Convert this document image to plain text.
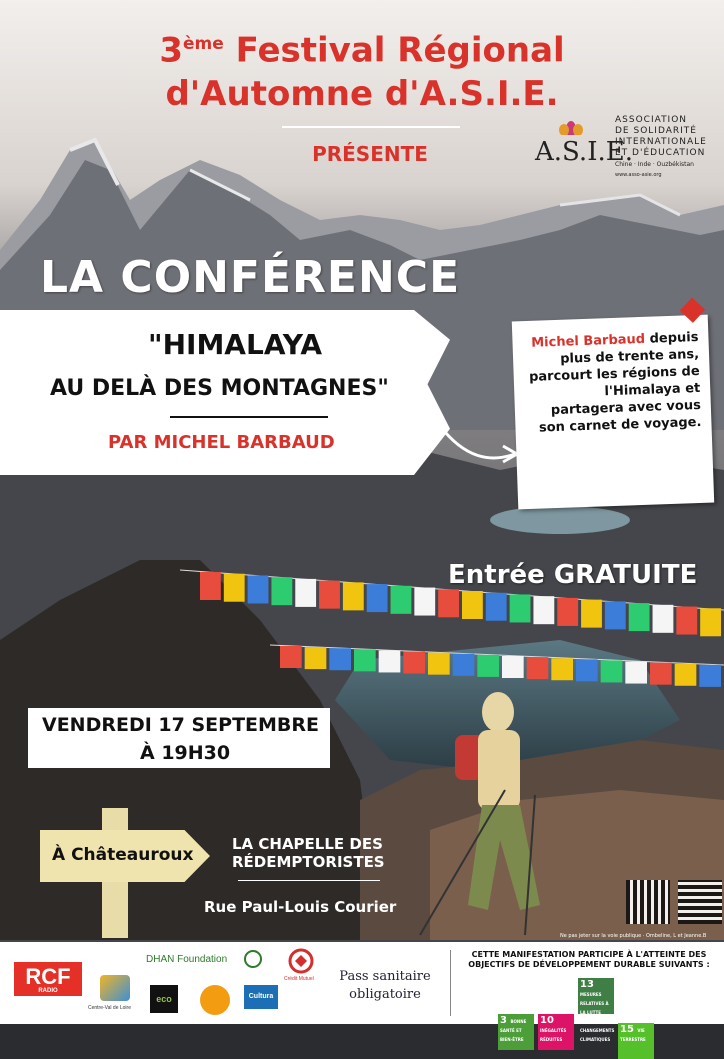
3ème Festival Régional
d'Automne d'A.S.I.E.
PRÉSENTE	A.S.I.E.
ASSOCIATION
DE SOLIDARITÉ
INTERNATIONALE
ET D'ÉDUCATION
Chine · Inde · Ouzbékistan
www.asso-asie.org
LA CONFÉRENCE
"HIMALAYA
AU DELÀ DES MONTAGNES"
PAR MICHEL BARBAUD
Michel Barbaud depuis plus de trente ans, parcourt les régions de l'Himalaya et partagera avec vous son carnet de voyage.
Entrée GRATUITE
VENDREDI 17 SEPTEMBRE
À 19H30
À Châteauroux
LA CHAPELLE DES
RÉDEMPTORISTES
Rue Paul-Louis Courier
Ne pas jeter sur la voie publique · Ombeline, L et Jeanne.B
RCF
RADIO
DHAN Foundation
Centre-Val de Loire
eco	Cultura
Crédit Mutuel	Pass sanitaire
obligatoire
CETTE MANIFESTATION PARTICIPE À L'ATTEINTE DES OBJECTIFS DE DÉVELOPPEMENT DURABLE SUIVANTS :
3 BONNE SANTÉ ET BIEN-ÊTRE10 INÉGALITÉS RÉDUITES13 MESURES RELATIVES À LA LUTTE CONTRE LES CHANGEMENTS CLIMATIQUES15 VIE TERRESTRE
